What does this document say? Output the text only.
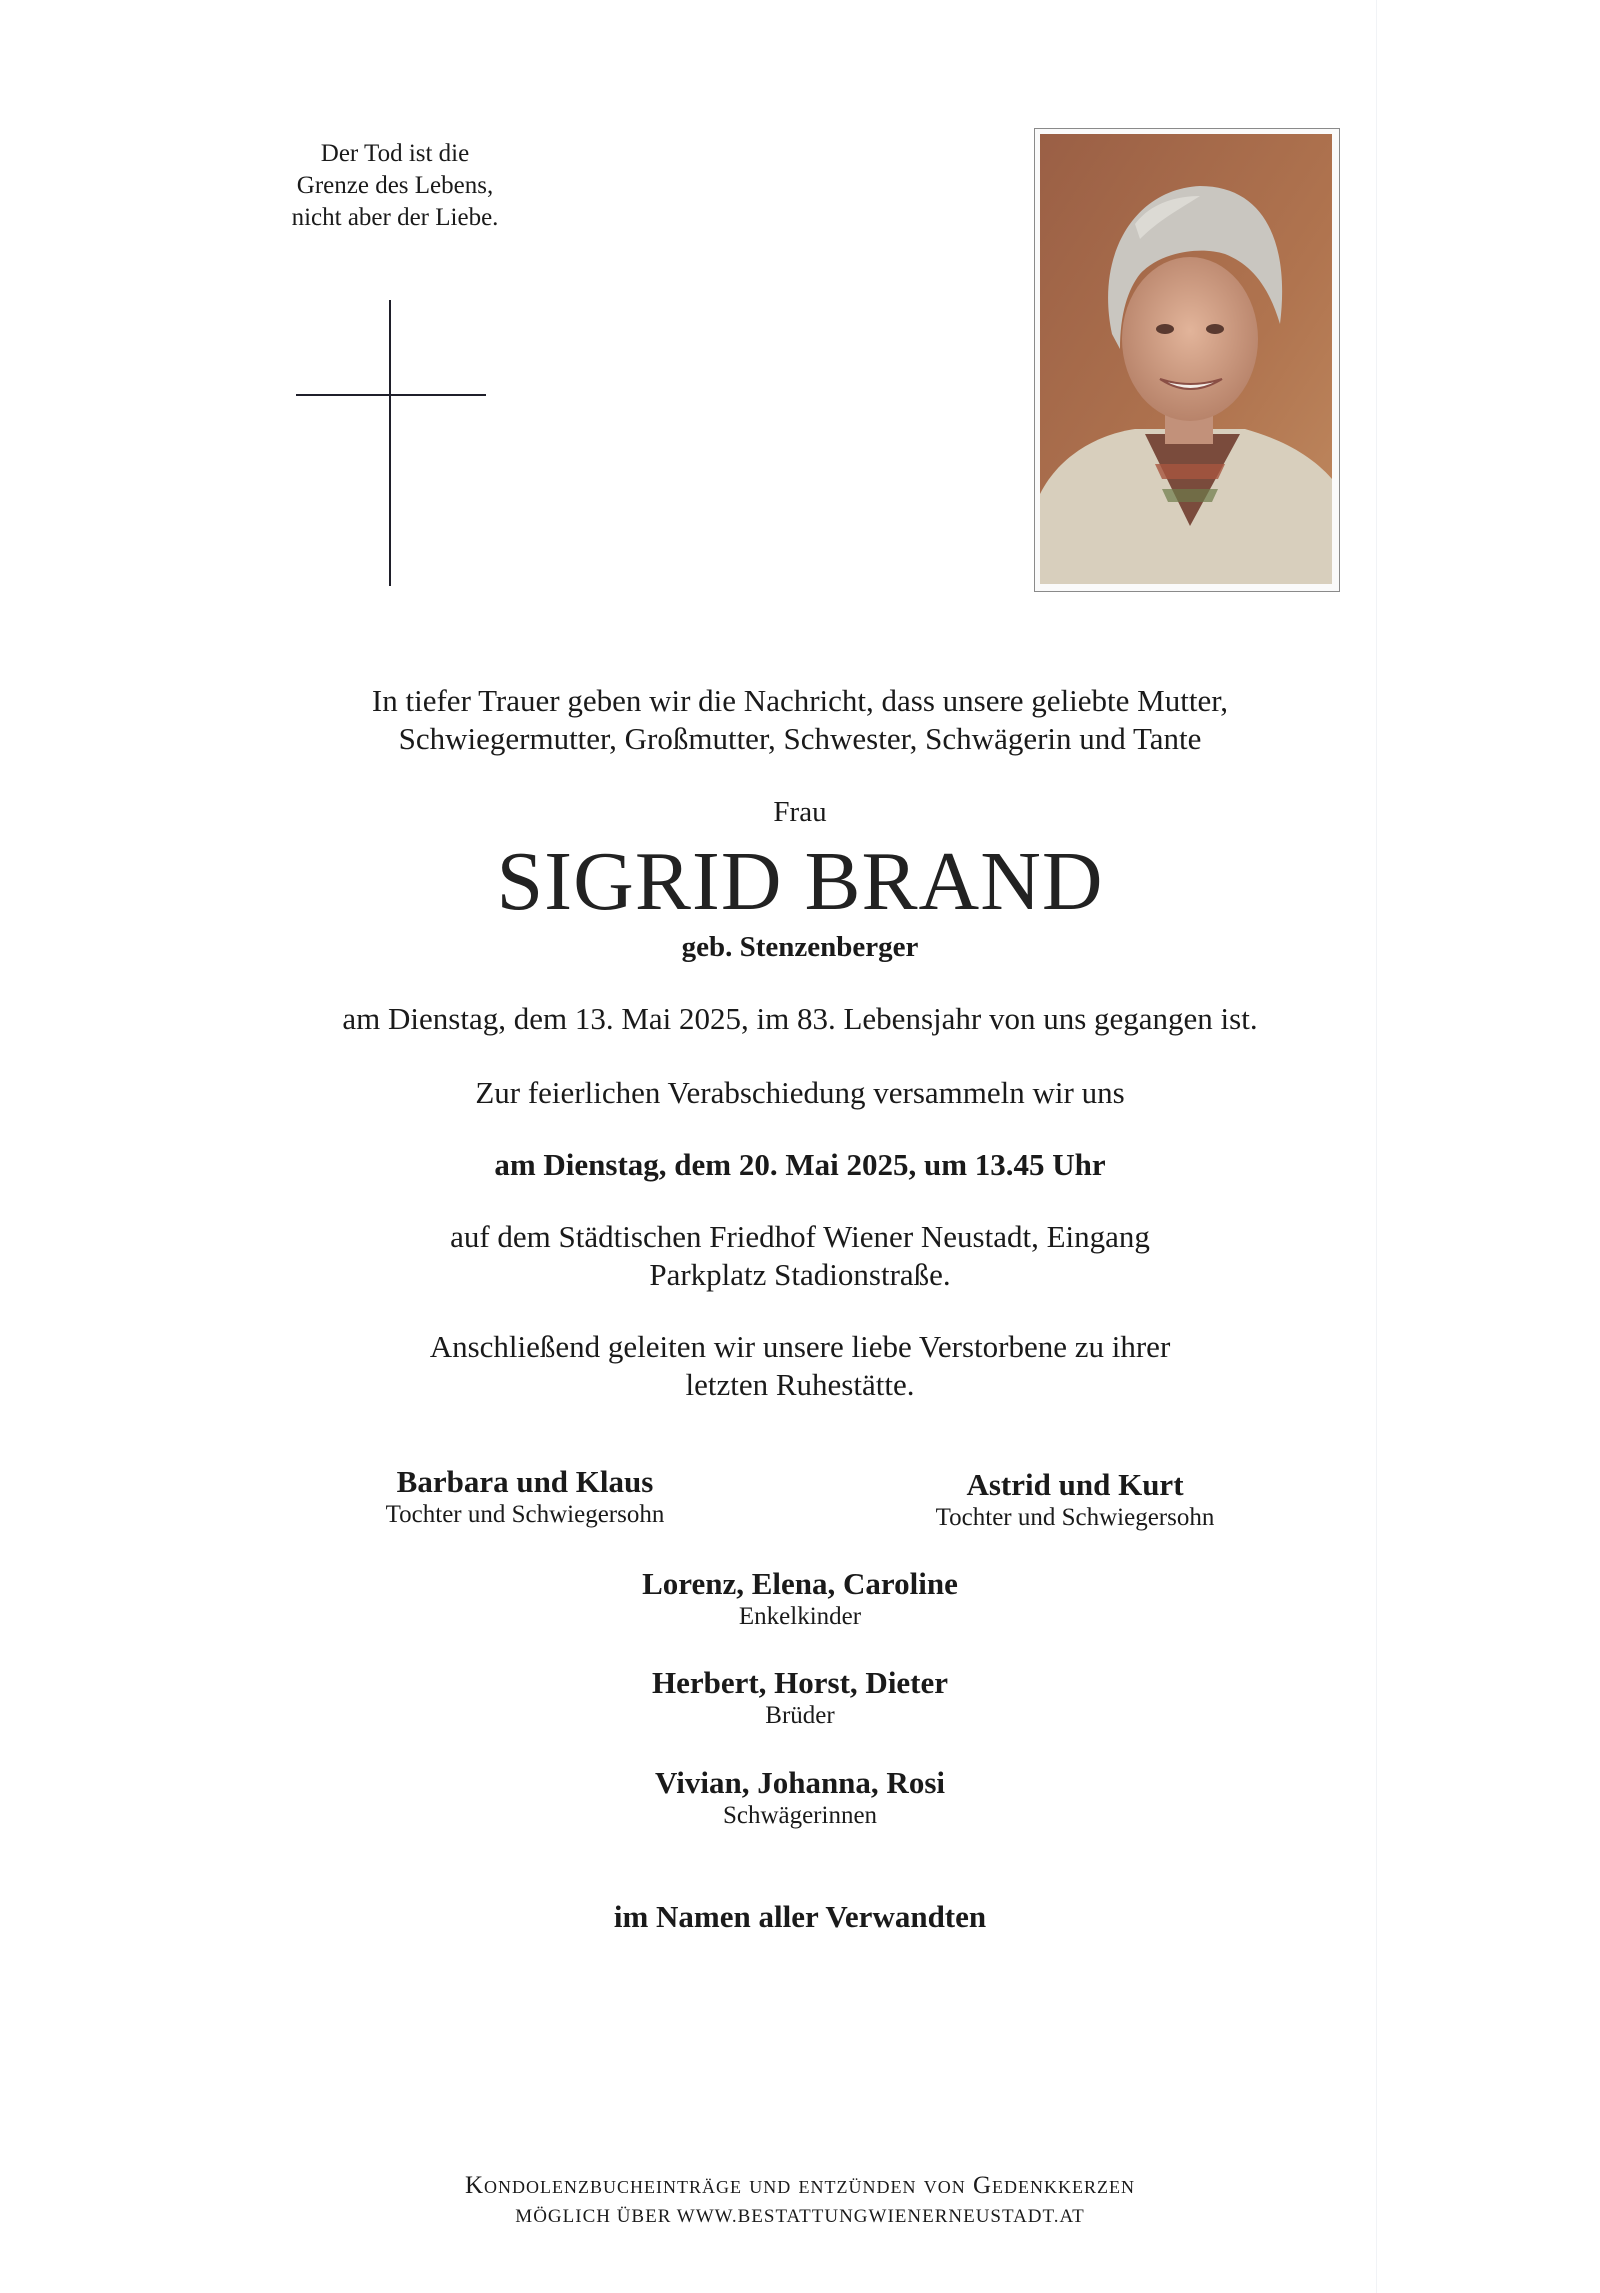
Der Tod ist die
Grenze des Lebens,
nicht aber der Liebe.
In tiefer Trauer geben wir die Nachricht, dass unsere geliebte Mutter,
Schwiegermutter, Großmutter, Schwester, Schwägerin und Tante
Frau
SIGRID BRAND
geb. Stenzenberger
am Dienstag, dem 13. Mai 2025, im 83. Lebensjahr von uns gegangen ist.
Zur feierlichen Verabschiedung versammeln wir uns
am Dienstag, dem 20. Mai 2025, um 13.45 Uhr
auf dem Städtischen Friedhof Wiener Neustadt, Eingang
Parkplatz Stadionstraße.
Anschließend geleiten wir unsere liebe Verstorbene zu ihrer
letzten Ruhestätte.
Barbara und Klaus
Tochter und Schwiegersohn
Astrid und Kurt
Tochter und Schwiegersohn
Lorenz, Elena, Caroline
Enkelkinder
Herbert, Horst, Dieter
Brüder
Vivian, Johanna, Rosi
Schwägerinnen
im Namen aller Verwandten
Kondolenzbucheinträge und entzünden von Gedenkkerzen
MÖGLICH ÜBER WWW.BESTATTUNGWIENERNEUSTADT.AT
